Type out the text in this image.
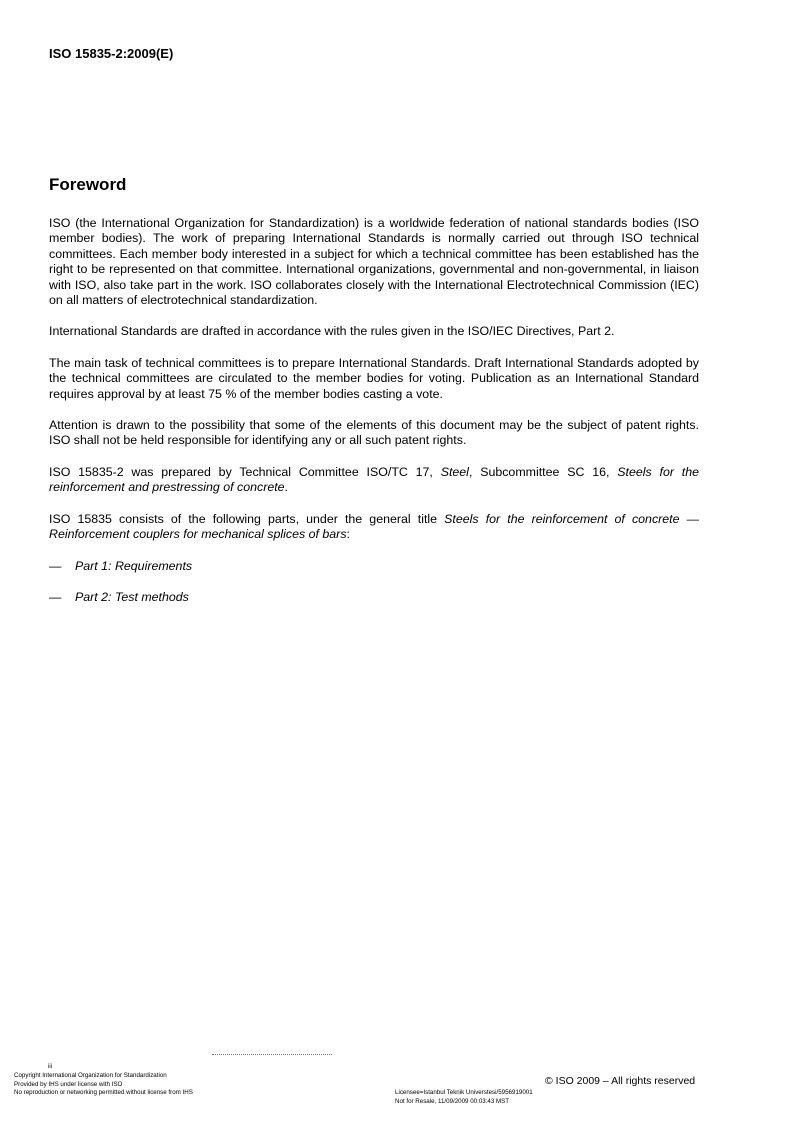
ISO 15835-2:2009(E)
Foreword

ISO (the International Organization for Standardization) is a worldwide federation of national standards bodies (ISO member bodies). The work of preparing International Standards is normally carried out through ISO technical committees. Each member body interested in a subject for which a technical committee has been established has the right to be represented on that committee. International organizations, governmental and non-governmental, in liaison with ISO, also take part in the work. ISO collaborates closely with the International Electrotechnical Commission (IEC) on all matters of electrotechnical standardization.

International Standards are drafted in accordance with the rules given in the ISO/IEC Directives, Part 2.

The main task of technical committees is to prepare International Standards. Draft International Standards adopted by the technical committees are circulated to the member bodies for voting. Publication as an International Standard requires approval by at least 75 % of the member bodies casting a vote.

Attention is drawn to the possibility that some of the elements of this document may be the subject of patent rights. ISO shall not be held responsible for identifying any or all such patent rights.

ISO 15835-2 was prepared by Technical Committee ISO/TC 17, Steel, Subcommittee SC 16, Steels for the reinforcement and prestressing of concrete.

ISO 15835 consists of the following parts, under the general title Steels for the reinforcement of concrete — Reinforcement couplers for mechanical splices of bars:

—	Part 1: Requirements
—	Part 2: Test methods
iii
Copyright International Organization for Standardization
Provided by IHS under license with ISO
No reproduction or networking permitted without license from IHS	Licensee=Istanbul Teknik Universtesi/5956919001
Not for Resale, 11/09/2009 00:03:43 MST
© ISO 2009 – All rights reserved
